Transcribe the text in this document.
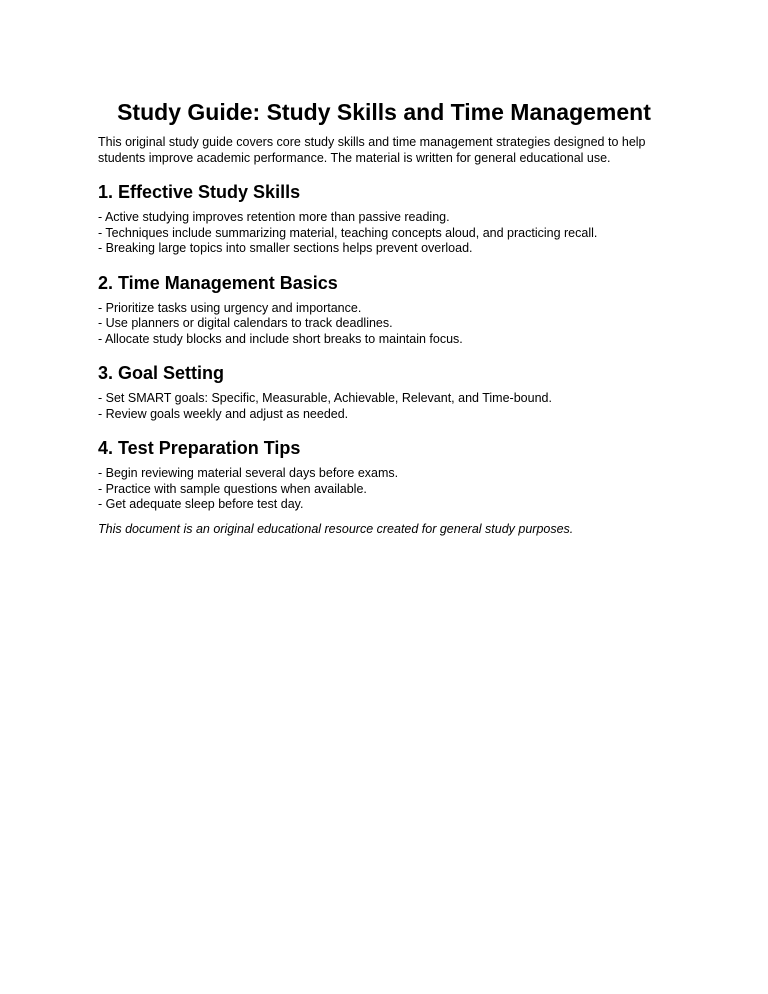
Study Guide: Study Skills and Time Management

This original study guide covers core study skills and time management strategies designed to help students improve academic performance. The material is written for general educational use.

1. Effective Study Skills
- Active studying improves retention more than passive reading.
- Techniques include summarizing material, teaching concepts aloud, and practicing recall.
- Breaking large topics into smaller sections helps prevent overload.
2. Time Management Basics
- Prioritize tasks using urgency and importance.
- Use planners or digital calendars to track deadlines.
- Allocate study blocks and include short breaks to maintain focus.
3. Goal Setting
- Set SMART goals: Specific, Measurable, Achievable, Relevant, and Time-bound.
- Review goals weekly and adjust as needed.
4. Test Preparation Tips
- Begin reviewing material several days before exams.
- Practice with sample questions when available.
- Get adequate sleep before test day.

This document is an original educational resource created for general study purposes.
